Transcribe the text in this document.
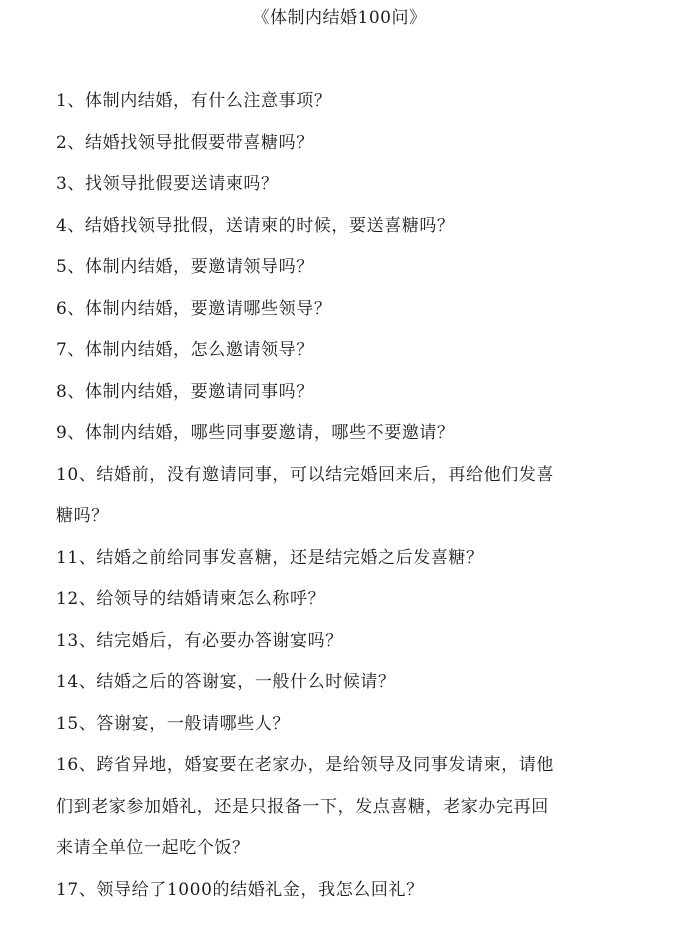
《体制内结婚100问》
1、体制内结婚，有什么注意事项？
2、结婚找领导批假要带喜糖吗？
3、找领导批假要送请柬吗？
4、结婚找领导批假，送请柬的时候，要送喜糖吗？
5、体制内结婚，要邀请领导吗？
6、体制内结婚，要邀请哪些领导？
7、体制内结婚，怎么邀请领导？
8、体制内结婚，要邀请同事吗？
9、体制内结婚，哪些同事要邀请，哪些不要邀请？
10、结婚前，没有邀请同事，可以结完婚回来后，再给他们发喜
糖吗？
11、结婚之前给同事发喜糖，还是结完婚之后发喜糖？
12、给领导的结婚请柬怎么称呼？
13、结完婚后，有必要办答谢宴吗？
14、结婚之后的答谢宴，一般什么时候请？
15、答谢宴，一般请哪些人？
16、跨省异地，婚宴要在老家办，是给领导及同事发请柬，请他
们到老家参加婚礼，还是只报备一下，发点喜糖，老家办完再回
来请全单位一起吃个饭？
17、领导给了1000的结婚礼金，我怎么回礼？
